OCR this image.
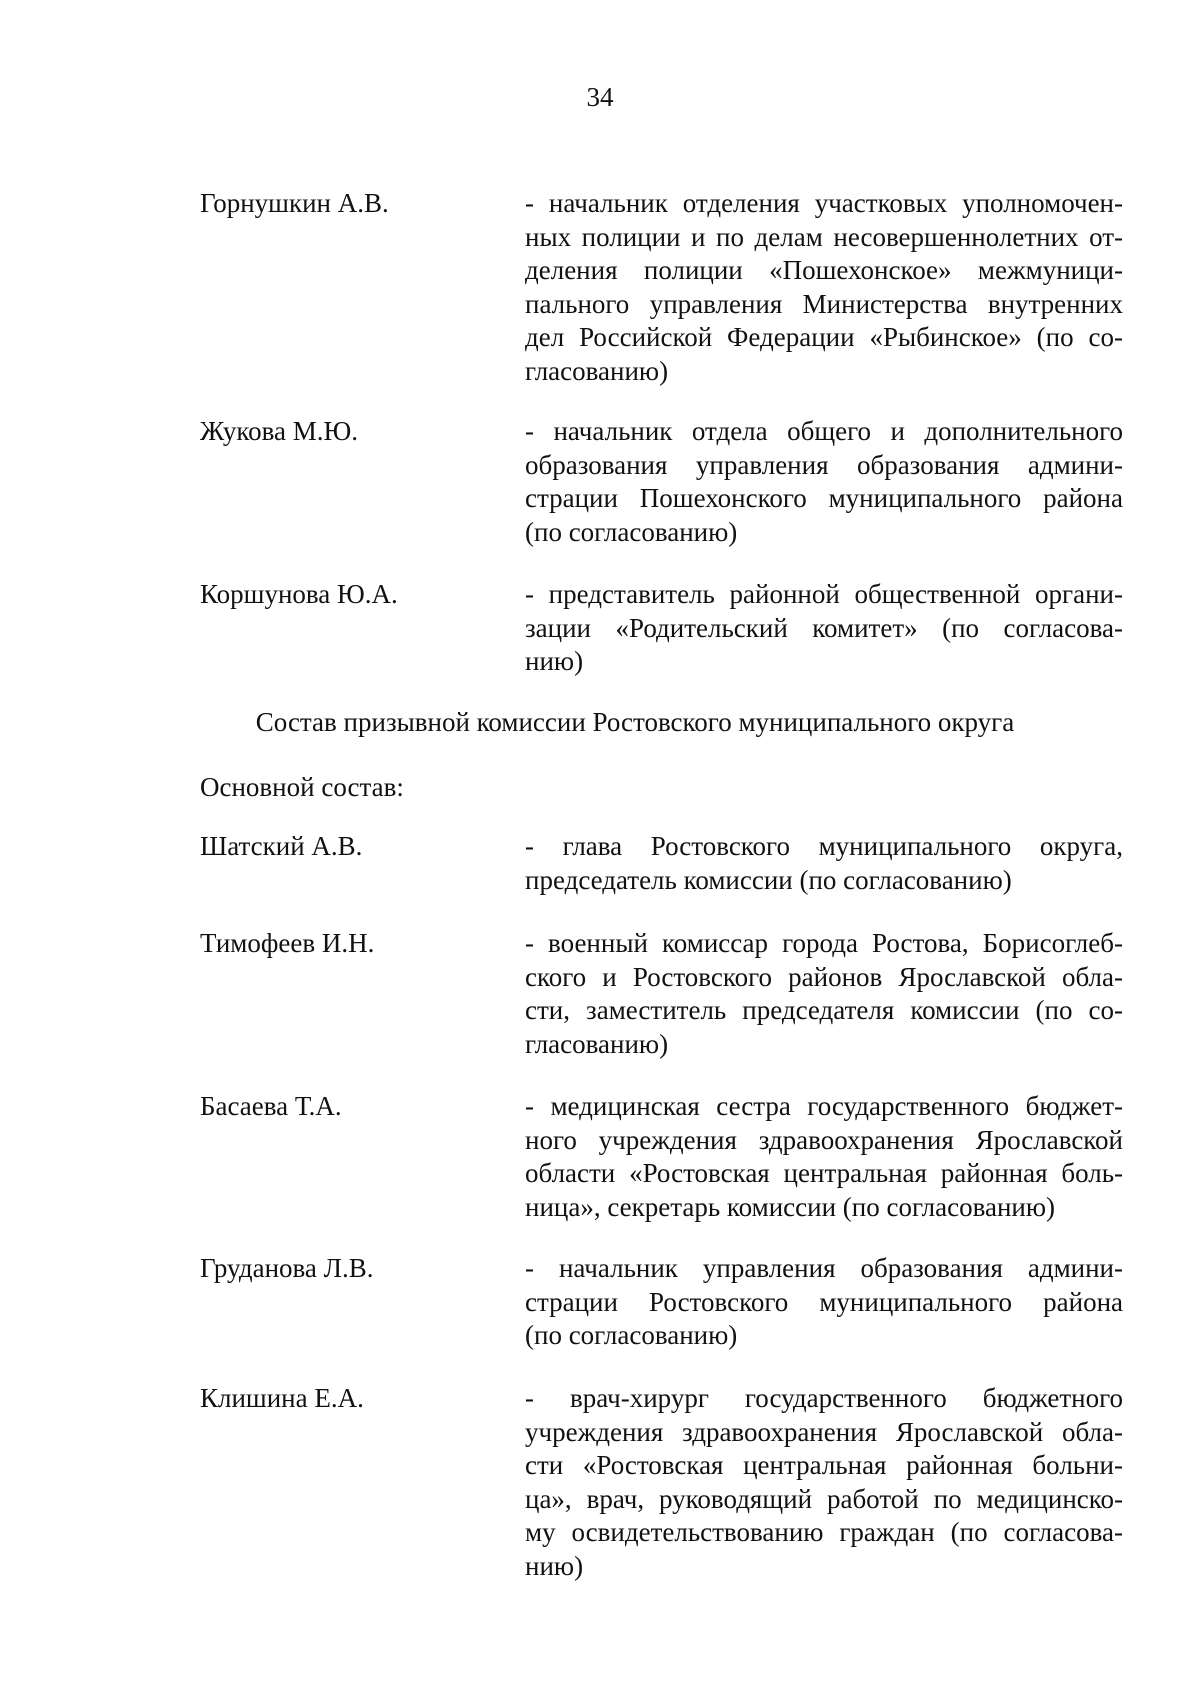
34
Горнушкин А.В.	- начальник отделения участковых уполномочен-
ных полиции и по делам несовершеннолетних от-
деления полиции «Пошехонское» межмуници-
пального управления Министерства внутренних
дел Российской Федерации «Рыбинское» (по со-
гласованию)
Жукова М.Ю.	- начальник отдела общего и дополнительного
образования управления образования админи-
страции Пошехонского муниципального района
(по согласованию)
Коршунова Ю.А.	- представитель районной общественной органи-
зации «Родительский комитет» (по согласова-
нию)
Состав призывной комиссии Ростовского муниципального округа
Основной состав:
Шатский А.В.	- глава Ростовского муниципального округа,
председатель комиссии (по согласованию)
Тимофеев И.Н.	- военный комиссар города Ростова, Борисоглеб-
ского и Ростовского районов Ярославской обла-
сти, заместитель председателя комиссии (по со-
гласованию)
Басаева Т.А.	- медицинская сестра государственного бюджет-
ного учреждения здравоохранения Ярославской
области «Ростовская центральная районная боль-
ница», секретарь комиссии (по согласованию)
Груданова Л.В.	- начальник управления образования админи-
страции Ростовского муниципального района
(по согласованию)
Клишина Е.А.	- врач-хирург государственного бюджетного
учреждения здравоохранения Ярославской обла-
сти «Ростовская центральная районная больни-
ца», врач, руководящий работой по медицинско-
му освидетельствованию граждан (по согласова-
нию)
